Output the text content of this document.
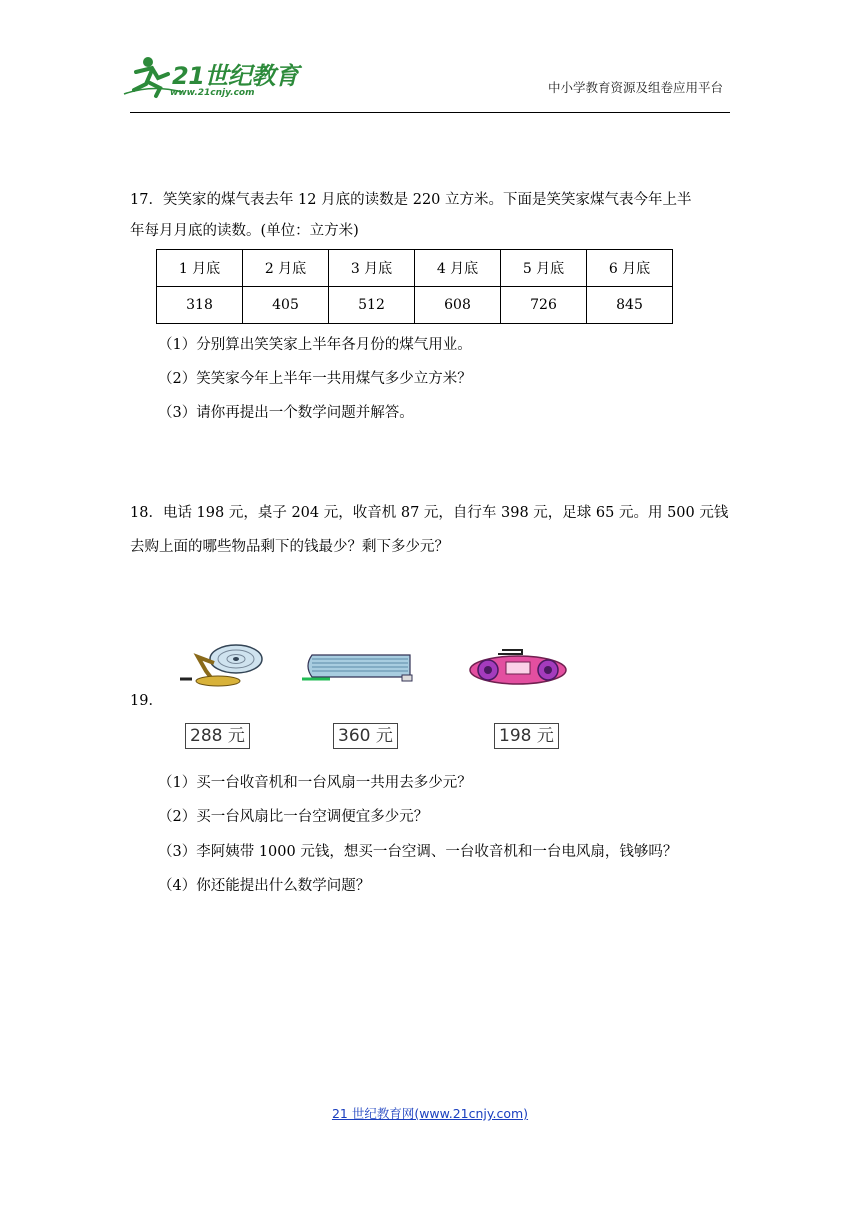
21世纪教育
www.21cnjy.com	中小学教育资源及组卷应用平台
17．笑笑家的煤气表去年 12 月底的读数是 220 立方米。下面是笑笑家煤气表今年上半
年每月月底的读数。(单位：立方米)
1 月底	2 月底	3 月底	4 月底	5 月底	6 月底
318	405	512	608	726	845
（1）分别算出笑笑家上半年各月份的煤气用业。
（2）笑笑家今年上半年一共用煤气多少立方米？
（3）请你再提出一个数学问题并解答。
18．电话 198 元，桌子 204 元，收音机 87 元，自行车 398 元，足球 65 元。用 500 元钱
去购上面的哪些物品剩下的钱最少？剩下多少元？
19．
288 元	360 元	198 元
（1）买一台收音机和一台风扇一共用去多少元？
（2）买一台风扇比一台空调便宜多少元？
（3）李阿姨带 1000 元钱，想买一台空调、一台收音机和一台电风扇，钱够吗？
（4）你还能提出什么数学问题？
21 世纪教育网(www.21cnjy.com)
